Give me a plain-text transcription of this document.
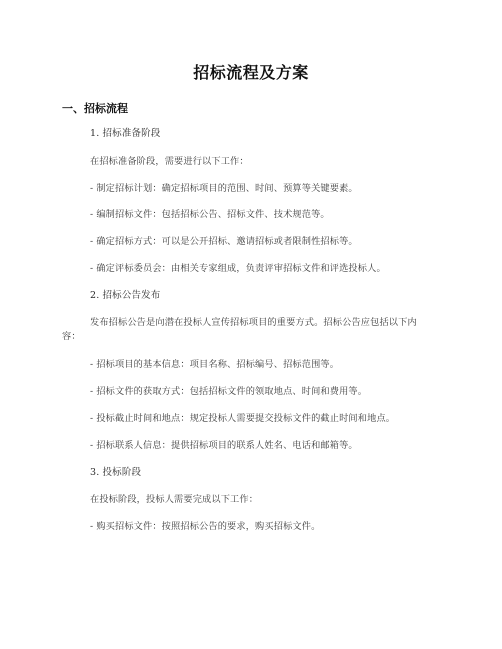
招标流程及方案
一、招标流程
1. 招标准备阶段
在招标准备阶段，需要进行以下工作：
- 制定招标计划：确定招标项目的范围、时间、预算等关键要素。
- 编制招标文件：包括招标公告、招标文件、技术规范等。
- 确定招标方式：可以是公开招标、邀请招标或者限制性招标等。
- 确定评标委员会：由相关专家组成，负责评审招标文件和评选投标人。
2. 招标公告发布
发布招标公告是向潜在投标人宣传招标项目的重要方式。招标公告应包括以下内容：
- 招标项目的基本信息：项目名称、招标编号、招标范围等。
- 招标文件的获取方式：包括招标文件的领取地点、时间和费用等。
- 投标截止时间和地点：规定投标人需要提交投标文件的截止时间和地点。
- 招标联系人信息：提供招标项目的联系人姓名、电话和邮箱等。
3. 投标阶段
在投标阶段，投标人需要完成以下工作：
- 购买招标文件：按照招标公告的要求，购买招标文件。
